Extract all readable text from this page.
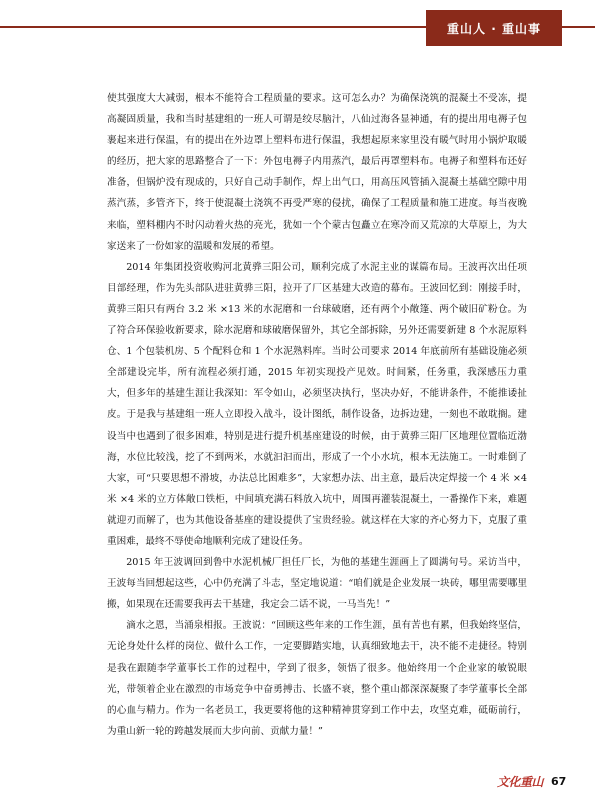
重山人 · 重山事

使其强度大大减弱，根本不能符合工程质量的要求。这可怎么办？为确保浇筑的混凝土不受冻，提高凝固质量，我和当时基建组的一班人可谓是绞尽脑汁，八仙过海各显神通，有的提出用电褥子包裹起来进行保温，有的提出在外边罩上塑料布进行保温，我想起原来家里没有暖气时用小锅炉取暖的经历，把大家的思路整合了一下：外包电褥子内用蒸汽，最后再罩塑料布。电褥子和塑料布还好准备，但锅炉没有现成的，只好自己动手制作，焊上出气口，用高压风管插入混凝土基础空隙中用蒸汽蒸，多管齐下，终于使混凝土浇筑不再受严寒的侵扰，确保了工程质量和施工进度。每当夜晚来临，塑料棚内不时闪动着火热的亮光，犹如一个个蒙古包矗立在寒冷而又荒凉的大草原上，为大家送来了一份如家的温暖和发展的希望。

2014 年集团投资收购河北黄骅三阳公司，顺利完成了水泥主业的谋篇布局。王波再次出任项目部经理，作为先头部队进驻黄骅三阳，拉开了厂区基建大改造的幕布。王波回忆到：刚接手时，黄骅三阳只有两台 3.2 米 ×13 米的水泥磨和一台球破磨，还有两个小敞篷、两个破旧矿粉仓。为了符合环保验收新要求，除水泥磨和球破磨保留外，其它全部拆除，另外还需要新建 8 个水泥原料仓、1 个包装机房、5 个配料仓和 1 个水泥熟料库。当时公司要求 2014 年底前所有基础设施必须全部建设完毕，所有流程必须打通，2015 年初实现投产见效。时间紧，任务重，我深感压力重大，但多年的基建生涯让我深知：军令如山，必须坚决执行，坚决办好，不能讲条件，不能推诿扯皮。于是我与基建组一班人立即投入战斗，设计图纸，制作设备，边拆边建，一刻也不敢耽搁。建设当中也遇到了很多困难，特别是进行提升机基座建设的时候，由于黄骅三阳厂区地理位置临近渤海，水位比较浅，挖了不到两米，水就汩汩而出，形成了一个小水坑，根本无法施工。一时难倒了大家，可“只要思想不滑坡，办法总比困难多”，大家想办法、出主意，最后决定焊接一个 4 米 ×4 米 ×4 米的立方体敞口铁柜，中间填充满石料放入坑中，周围再灌装混凝土，一番操作下来，难题就迎刃而解了，也为其他设备基座的建设提供了宝贵经验。就这样在大家的齐心努力下，克服了重重困难，最终不辱使命地顺利完成了建设任务。

2015 年王波调回到鲁中水泥机械厂担任厂长，为他的基建生涯画上了圆满句号。采访当中，王波每当回想起这些，心中仍充满了斗志，坚定地说道：“咱们就是企业发展一块砖，哪里需要哪里搬，如果现在还需要我再去干基建，我定会二话不说，一马当先！”

滴水之恩，当涌泉相报。王波说：“回顾这些年来的工作生涯，虽有苦也有累，但我始终坚信，无论身处什么样的岗位、做什么工作，一定要脚踏实地，认真细致地去干，决不能不走捷径。特别是我在跟随李学董事长工作的过程中，学到了很多，领悟了很多。他始终用一个企业家的敏锐眼光，带领着企业在激烈的市场竞争中奋勇搏击、长盛不衰，整个重山都深深凝聚了李学董事长全部的心血与精力。作为一名老员工，我更要将他的这种精神贯穿到工作中去，攻坚克难，砥砺前行，为重山新一轮的跨越发展而大步向前、贡献力量！”

文化重山 67
